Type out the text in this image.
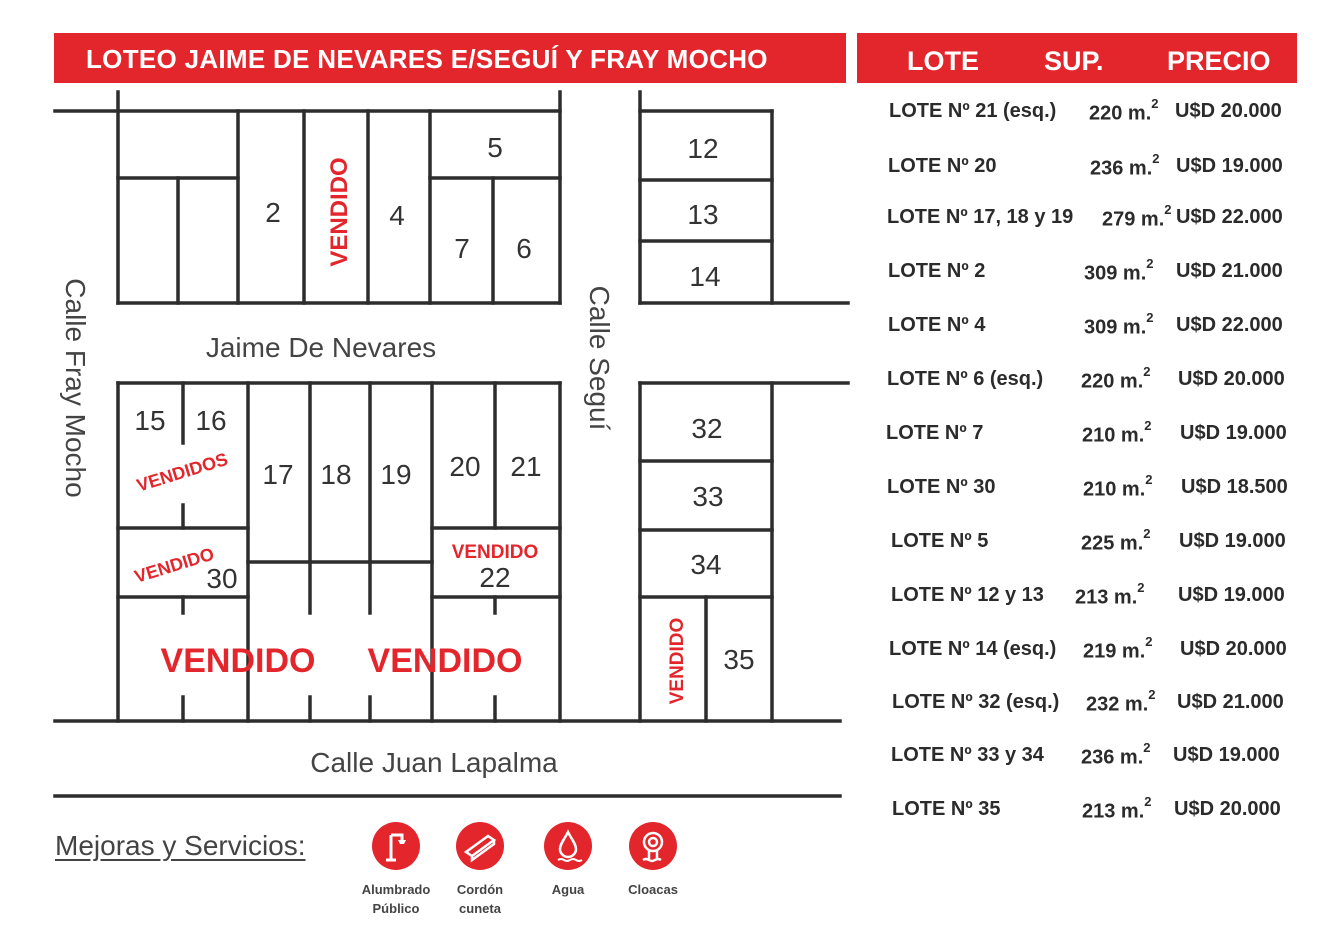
LOTEO JAIME DE NEVARES E/SEGUÍ Y FRAY MOCHO	LOTE SUP. PRECIO
2	4
5
6
7
12
13
14
15 16
17 18 19 20 21
22
30
32
33
34
35
VENDIDO
VENDIDOS
VENDIDO	VENDIDO
VENDIDO VENDIDO	VENDIDO
Calle Fray Mocho	Calle Seguí
Jaime De Nevares
Calle Juan Lapalma
LOTE Nº 21 (esq.) 220 m.$^2$ U$D 20.000
LOTE Nº 20	236 m.$^2$ U$D 19.000
LOTE Nº 17, 18 y 19 279 m.$^2$ U$D 22.000
LOTE Nº 2	309 m.$^2$ U$D 21.000
LOTE Nº 4	309 m.$^2$ U$D 22.000
LOTE Nº 6 (esq.) 220 m.$^2$ U$D 20.000
LOTE Nº 7	210 m.$^2$ U$D 19.000
LOTE Nº 30	210 m.$^2$ U$D 18.500
LOTE Nº 5	225 m.$^2$ U$D 19.000
LOTE Nº 12 y 13 213 m.$^2$ U$D 19.000
LOTE Nº 14 (esq.) 219 m.$^2$ U$D 20.000
LOTE Nº 32 (esq.) 232 m.$^2$ U$D 21.000
LOTE Nº 33 y 34 236 m.$^2$ U$D 19.000
LOTE Nº 35	213 m.$^2$ U$D 20.000
Mejoras y Servicios:
Alumbrado
Público
Cordón
cuneta
Agua	Cloacas
